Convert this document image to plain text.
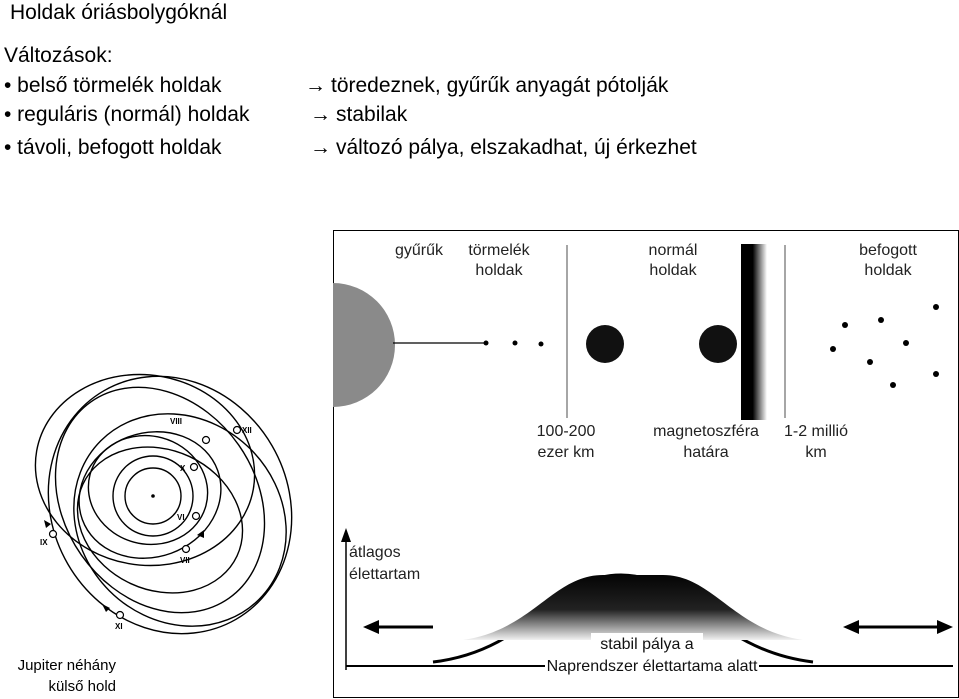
Holdak óriásbolygóknál
Változások:
• belső törmelék holdak	→ töredeznek, gyűrűk anyagát pótolják
• reguláris (normál) holdak	→ stabilak
• távoli, befogott holdak	→ változó pálya, elszakadhat, új érkezhet
gyűrűk törmelék
holdak
normál
holdak
befogott
holdak
100-200
ezer km
magnetoszféra
határa
1-2 millió
km
átlagos
élettartam
stabil pálya a
Naprendszer élettartama alatt
VIII
XII
X
VI
IX
VII
XI
Jupiter néhány
külső hold
